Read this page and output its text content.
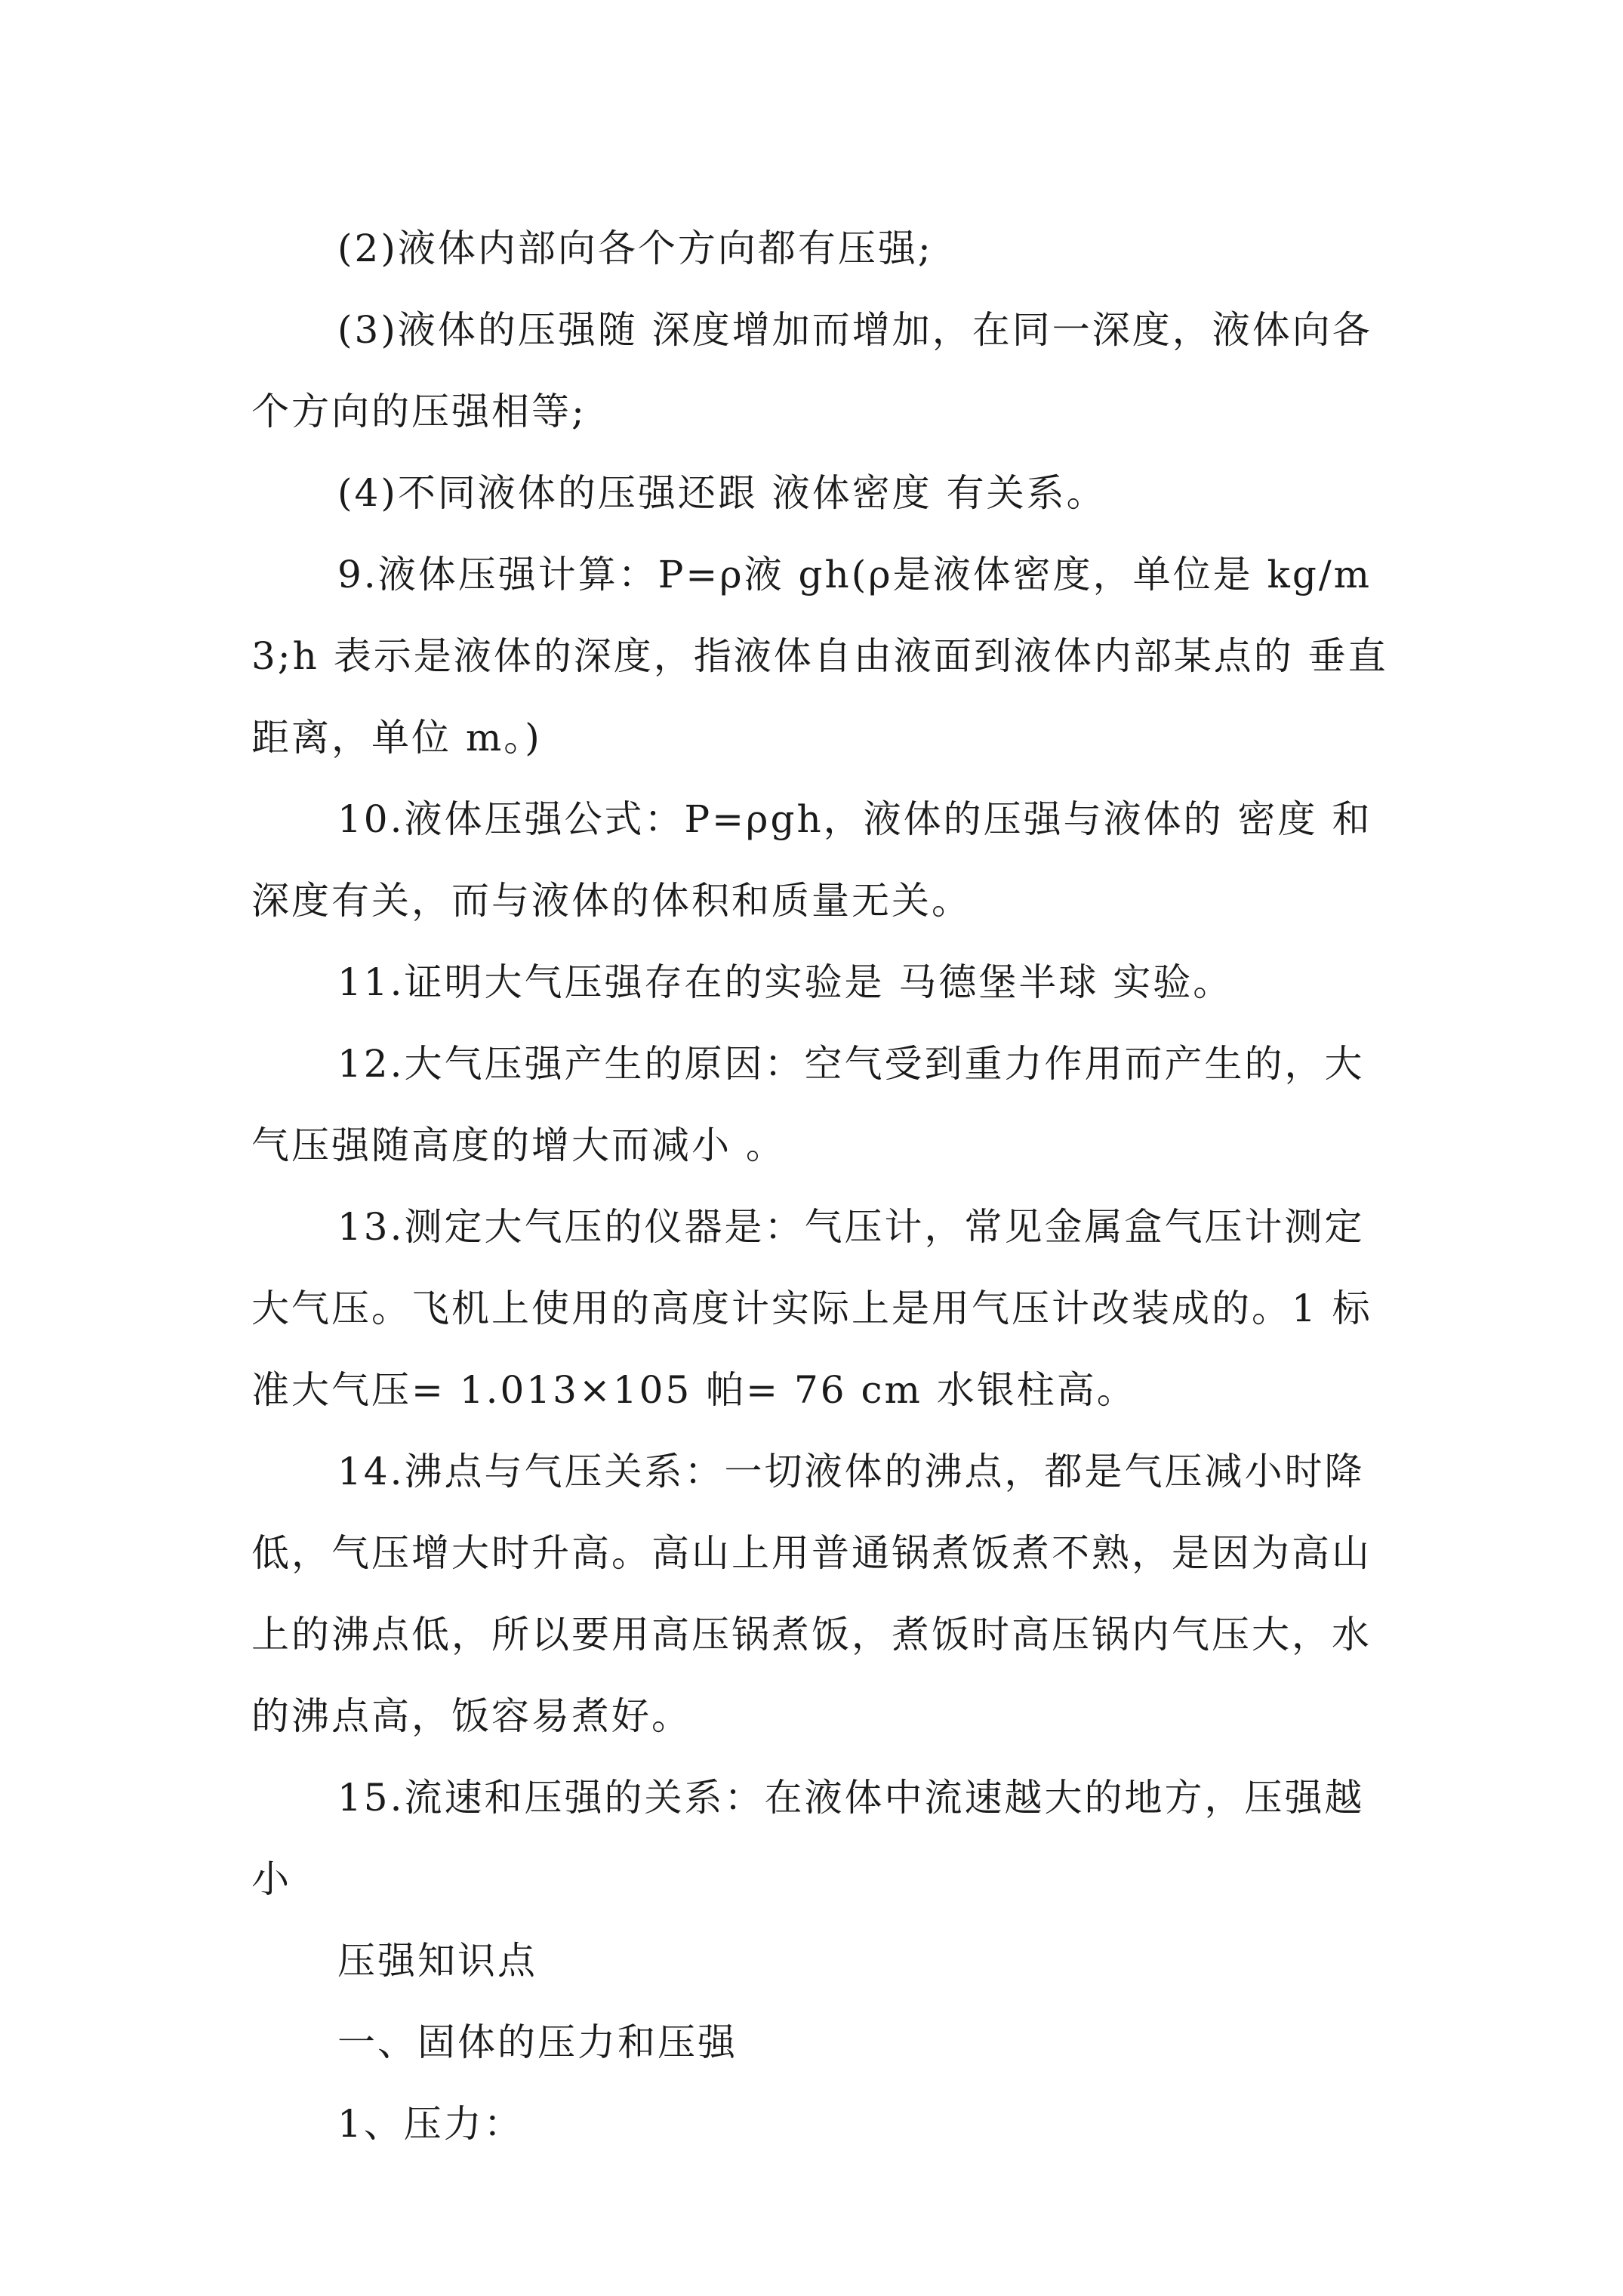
(2)液体内部向各个方向都有压强;

(3)液体的压强随 深度增加而增加，在同一深度，液体向各个方向的压强相等;

(4)不同液体的压强还跟 液体密度 有关系。

9.液体压强计算：P=ρ液 gh(ρ是液体密度，单位是 kg/m3;h 表示是液体的深度，指液体自由液面到液体内部某点的 垂直 距离，单位 m。)

10.液体压强公式：P=ρgh，液体的压强与液体的 密度 和 深度有关，而与液体的体积和质量无关。

11.证明大气压强存在的实验是 马德堡半球 实验。

12.大气压强产生的原因：空气受到重力作用而产生的，大气压强随高度的增大而减小 。

13.测定大气压的仪器是：气压计，常见金属盒气压计测定大气压。飞机上使用的高度计实际上是用气压计改装成的。1 标准大气压= 1.013×105 帕= 76 cm 水银柱高。

14.沸点与气压关系：一切液体的沸点，都是气压减小时降低，气压增大时升高。高山上用普通锅煮饭煮不熟，是因为高山上的沸点低，所以要用高压锅煮饭，煮饭时高压锅内气压大，水的沸点高，饭容易煮好。

15.流速和压强的关系：在液体中流速越大的地方，压强越小

压强知识点

一、固体的压力和压强

1、压力：
